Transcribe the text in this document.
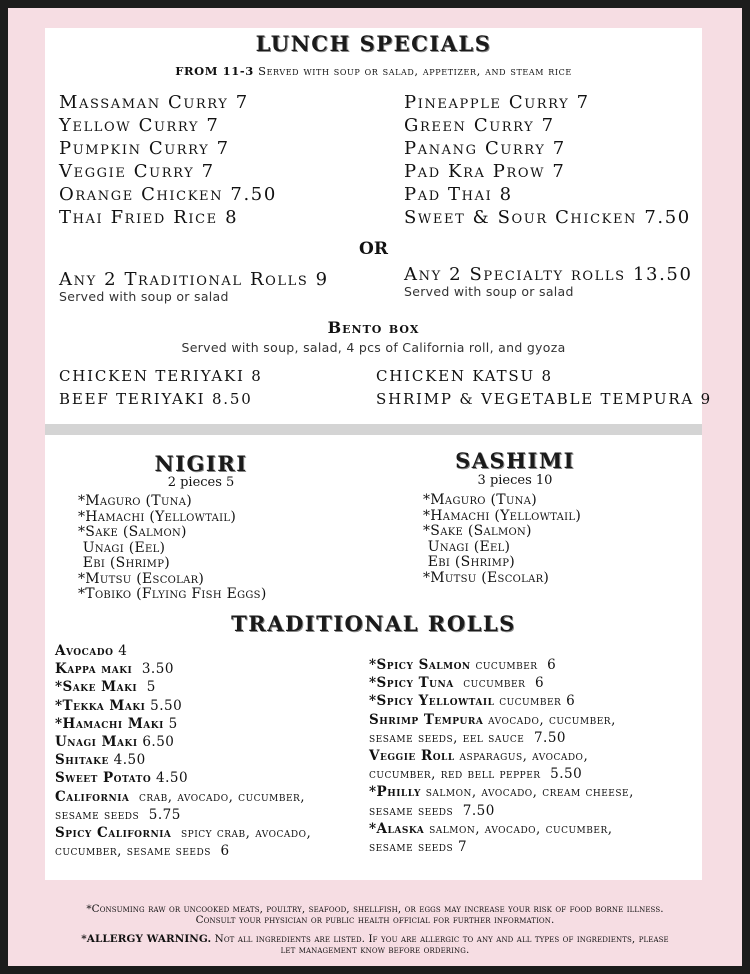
LUNCH SPECIALS
FROM 11-3 Served with soup or salad, appetizer, and steam rice
Massaman Curry 7
Yellow Curry 7
Pumpkin Curry 7
Veggie Curry 7
Orange Chicken 7.50
Thai Fried Rice 8
Pineapple Curry 7
Green Curry 7
Panang Curry 7
Pad Kra Prow 7
Pad Thai 8
Sweet & Sour Chicken 7.50
OR
Any 2 Traditional Rolls 9
Served with soup or salad
Any 2 Specialty rolls 13.50
Served with soup or salad
Bento box
Served with soup, salad, 4 pcs of California roll, and gyoza
CHICKEN TERIYAKI 8	CHICKEN KATSU 8
BEEF TERIYAKI 8.50	SHRIMP & VEGETABLE TEMPURA 9
NIGIRI
2 pieces 5
*Maguro (Tuna)
*Hamachi (Yellowtail)
*Sake (Salmon)
Unagi (Eel)
Ebi (Shrimp)
*Mutsu (Escolar)
*Tobiko (Flying Fish Eggs)
SASHIMI
3 pieces 10
*Maguro (Tuna)
*Hamachi (Yellowtail)
*Sake (Salmon)
Unagi (Eel)
Ebi (Shrimp)
*Mutsu (Escolar)
TRADITIONAL ROLLS
Avocado 4
Kappa maki  3.50
*Sake Maki  5
*Tekka Maki 5.50
*Hamachi Maki 5
Unagi Maki 6.50
Shitake 4.50
Sweet Potato 4.50
California  crab, avocado, cucumber,
sesame seeds  5.75
Spicy California  spicy crab, avocado,
cucumber, sesame seeds  6
*Spicy Salmon cucumber  6
*Spicy Tuna  cucumber  6
*Spicy Yellowtail cucumber 6
Shrimp Tempura avocado, cucumber,
sesame seeds, eel sauce  7.50
Veggie Roll asparagus, avocado,
cucumber, red bell pepper  5.50
*Philly salmon, avocado, cream cheese,
sesame seeds  7.50
*Alaska salmon, avocado, cucumber,
sesame seeds 7
*Consuming raw or uncooked meats, poultry, seafood, shellfish, or eggs may increase your risk of food borne illness.
Consult your physician or public health official for further information.
*ALLERGY WARNING. Not all ingredients are listed. If you are allergic to any and all types of ingredients, please
let management know before ordering.
